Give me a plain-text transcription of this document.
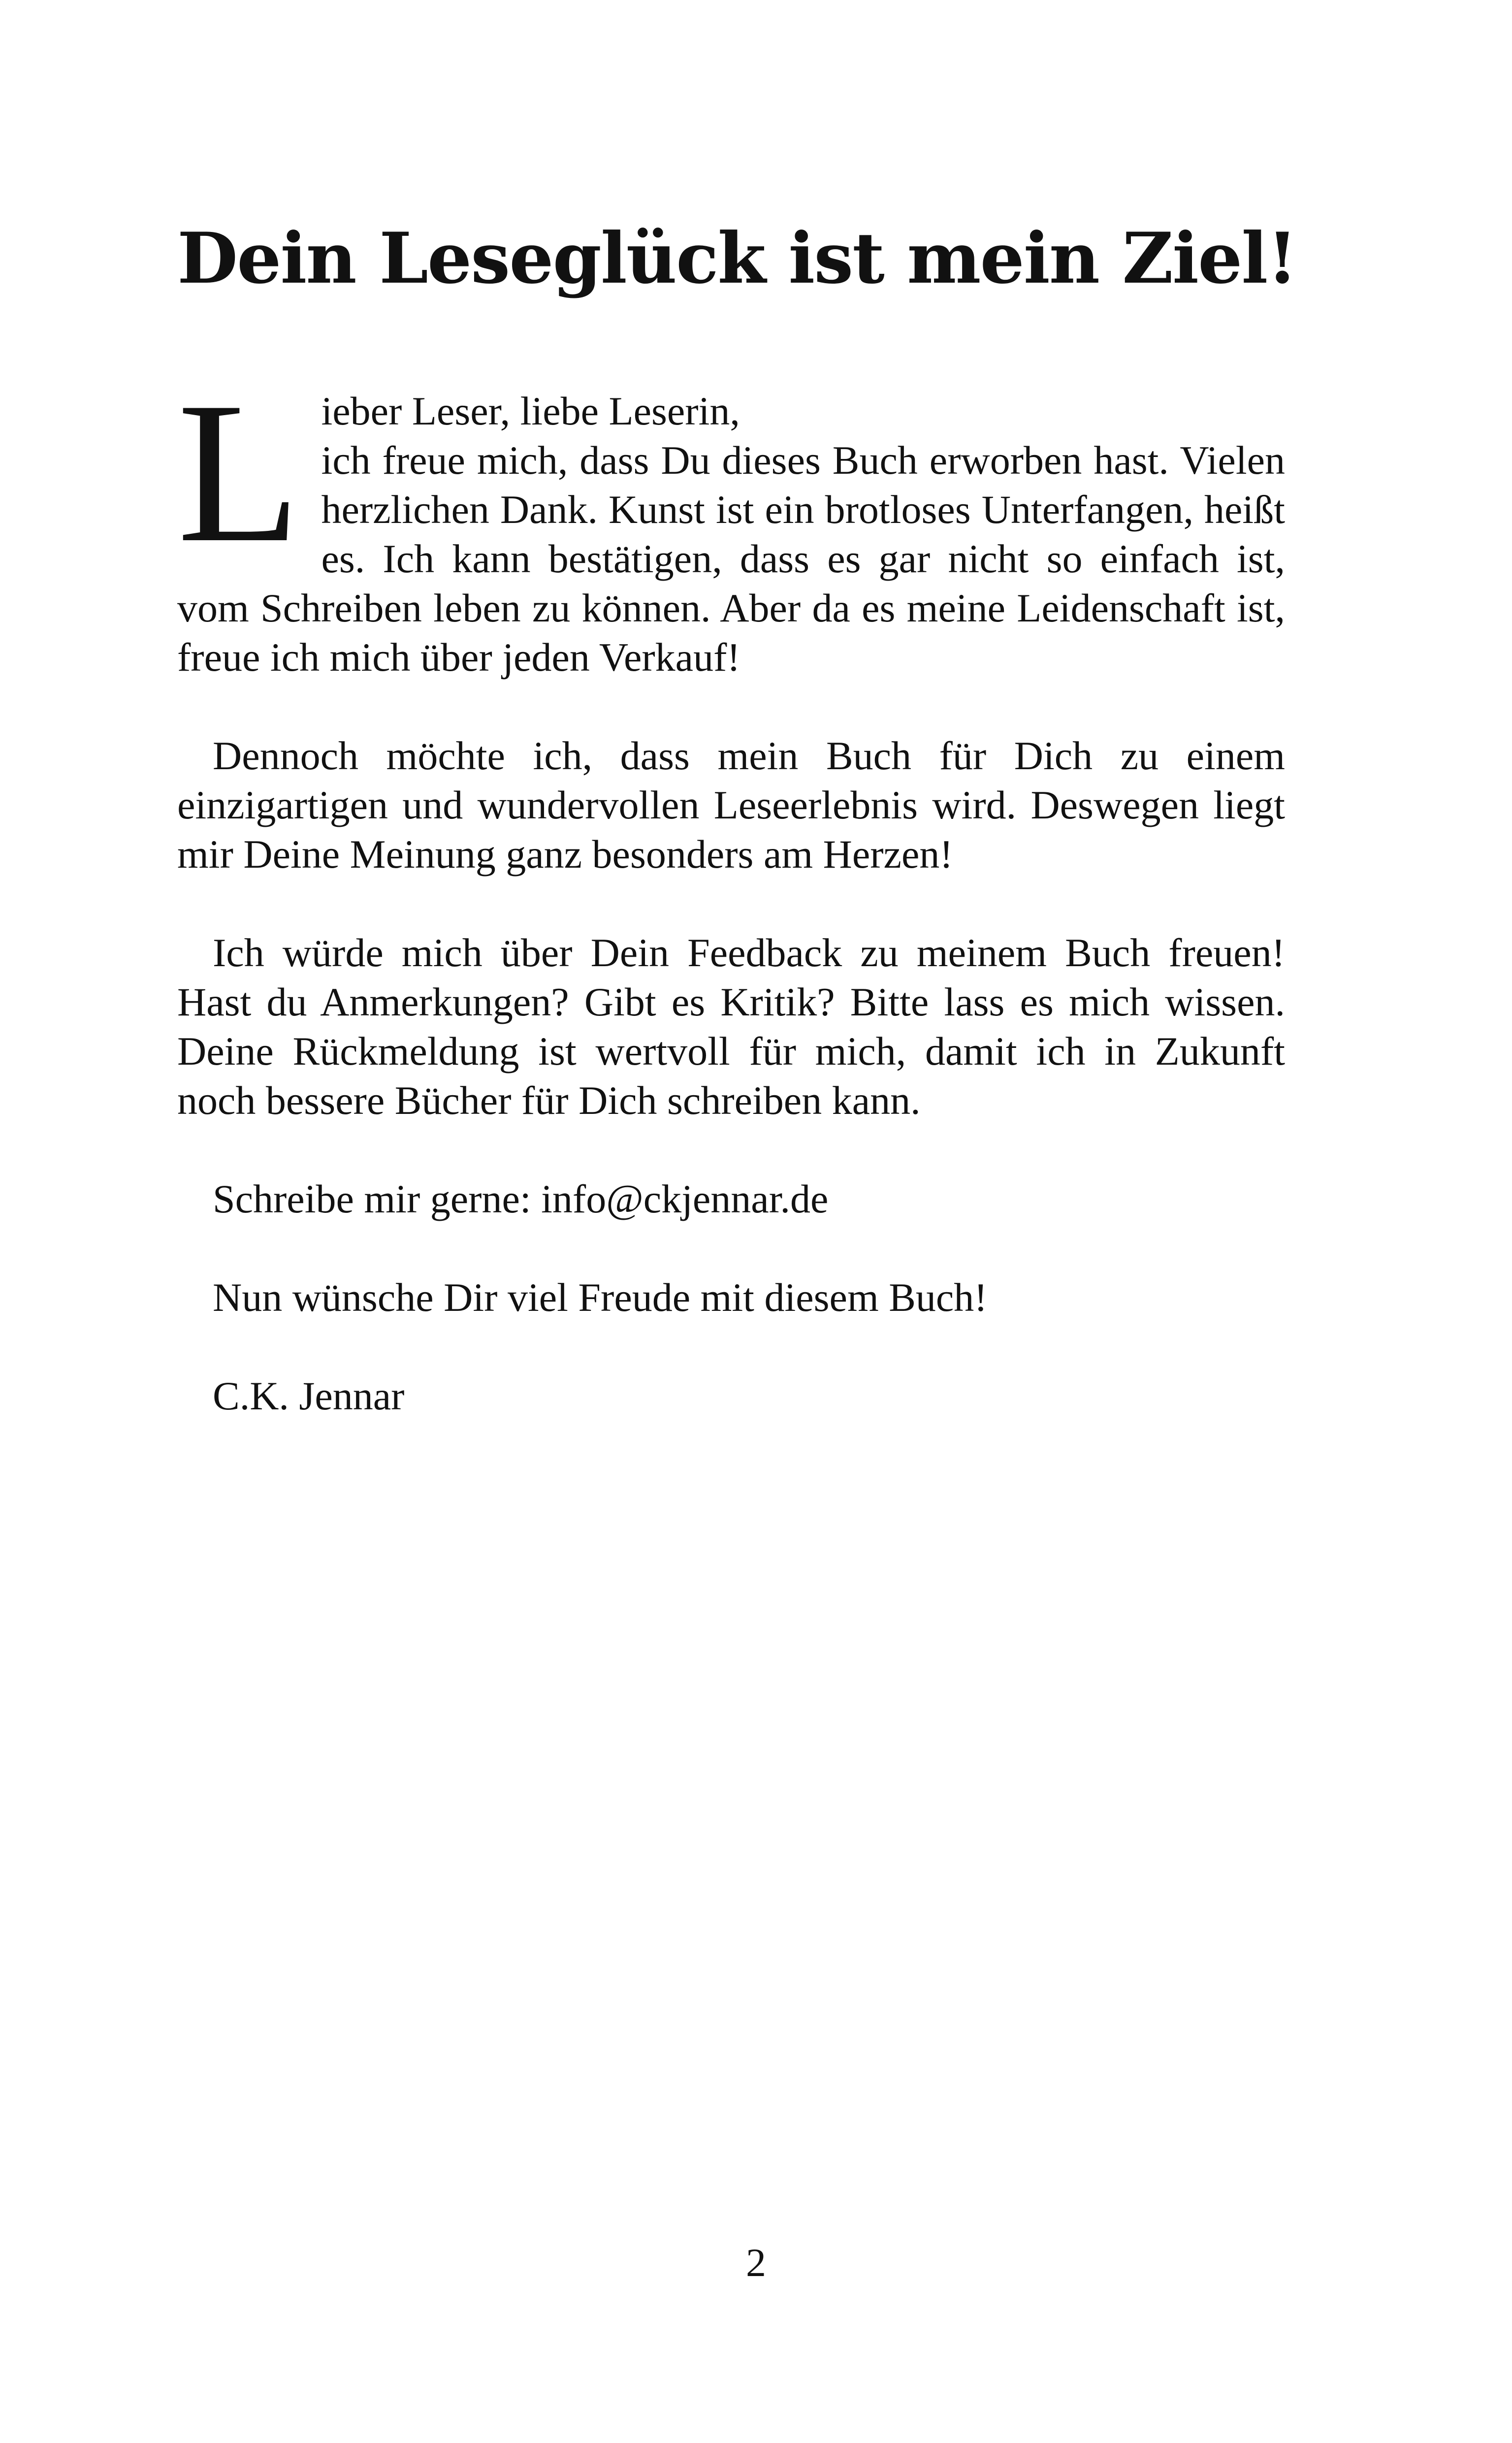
Dein Leseglück ist mein Ziel!

L ieber Leser, liebe Leserin,
ich freue mich, dass Du dieses Buch erworben hast. Vielen herzlichen Dank. Kunst ist ein brotloses Unterfangen, heißt es. Ich kann bestätigen, dass es gar nicht so einfach ist, vom Schreiben leben zu können. Aber da es meine Leidenschaft ist, freue ich mich über jeden Verkauf!

Dennoch möchte ich, dass mein Buch für Dich zu einem einzigartigen und wundervollen Leseerlebnis wird. Deswegen liegt mir Deine Meinung ganz besonders am Herzen!

Ich würde mich über Dein Feedback zu meinem Buch freuen! Hast du Anmerkungen? Gibt es Kritik? Bitte lass es mich wissen. Deine Rückmeldung ist wertvoll für mich, damit ich in Zukunft noch bessere Bücher für Dich schreiben kann.

Schreibe mir gerne: info@ckjennar.de

Nun wünsche Dir viel Freude mit diesem Buch!

C.K. Jennar

2
